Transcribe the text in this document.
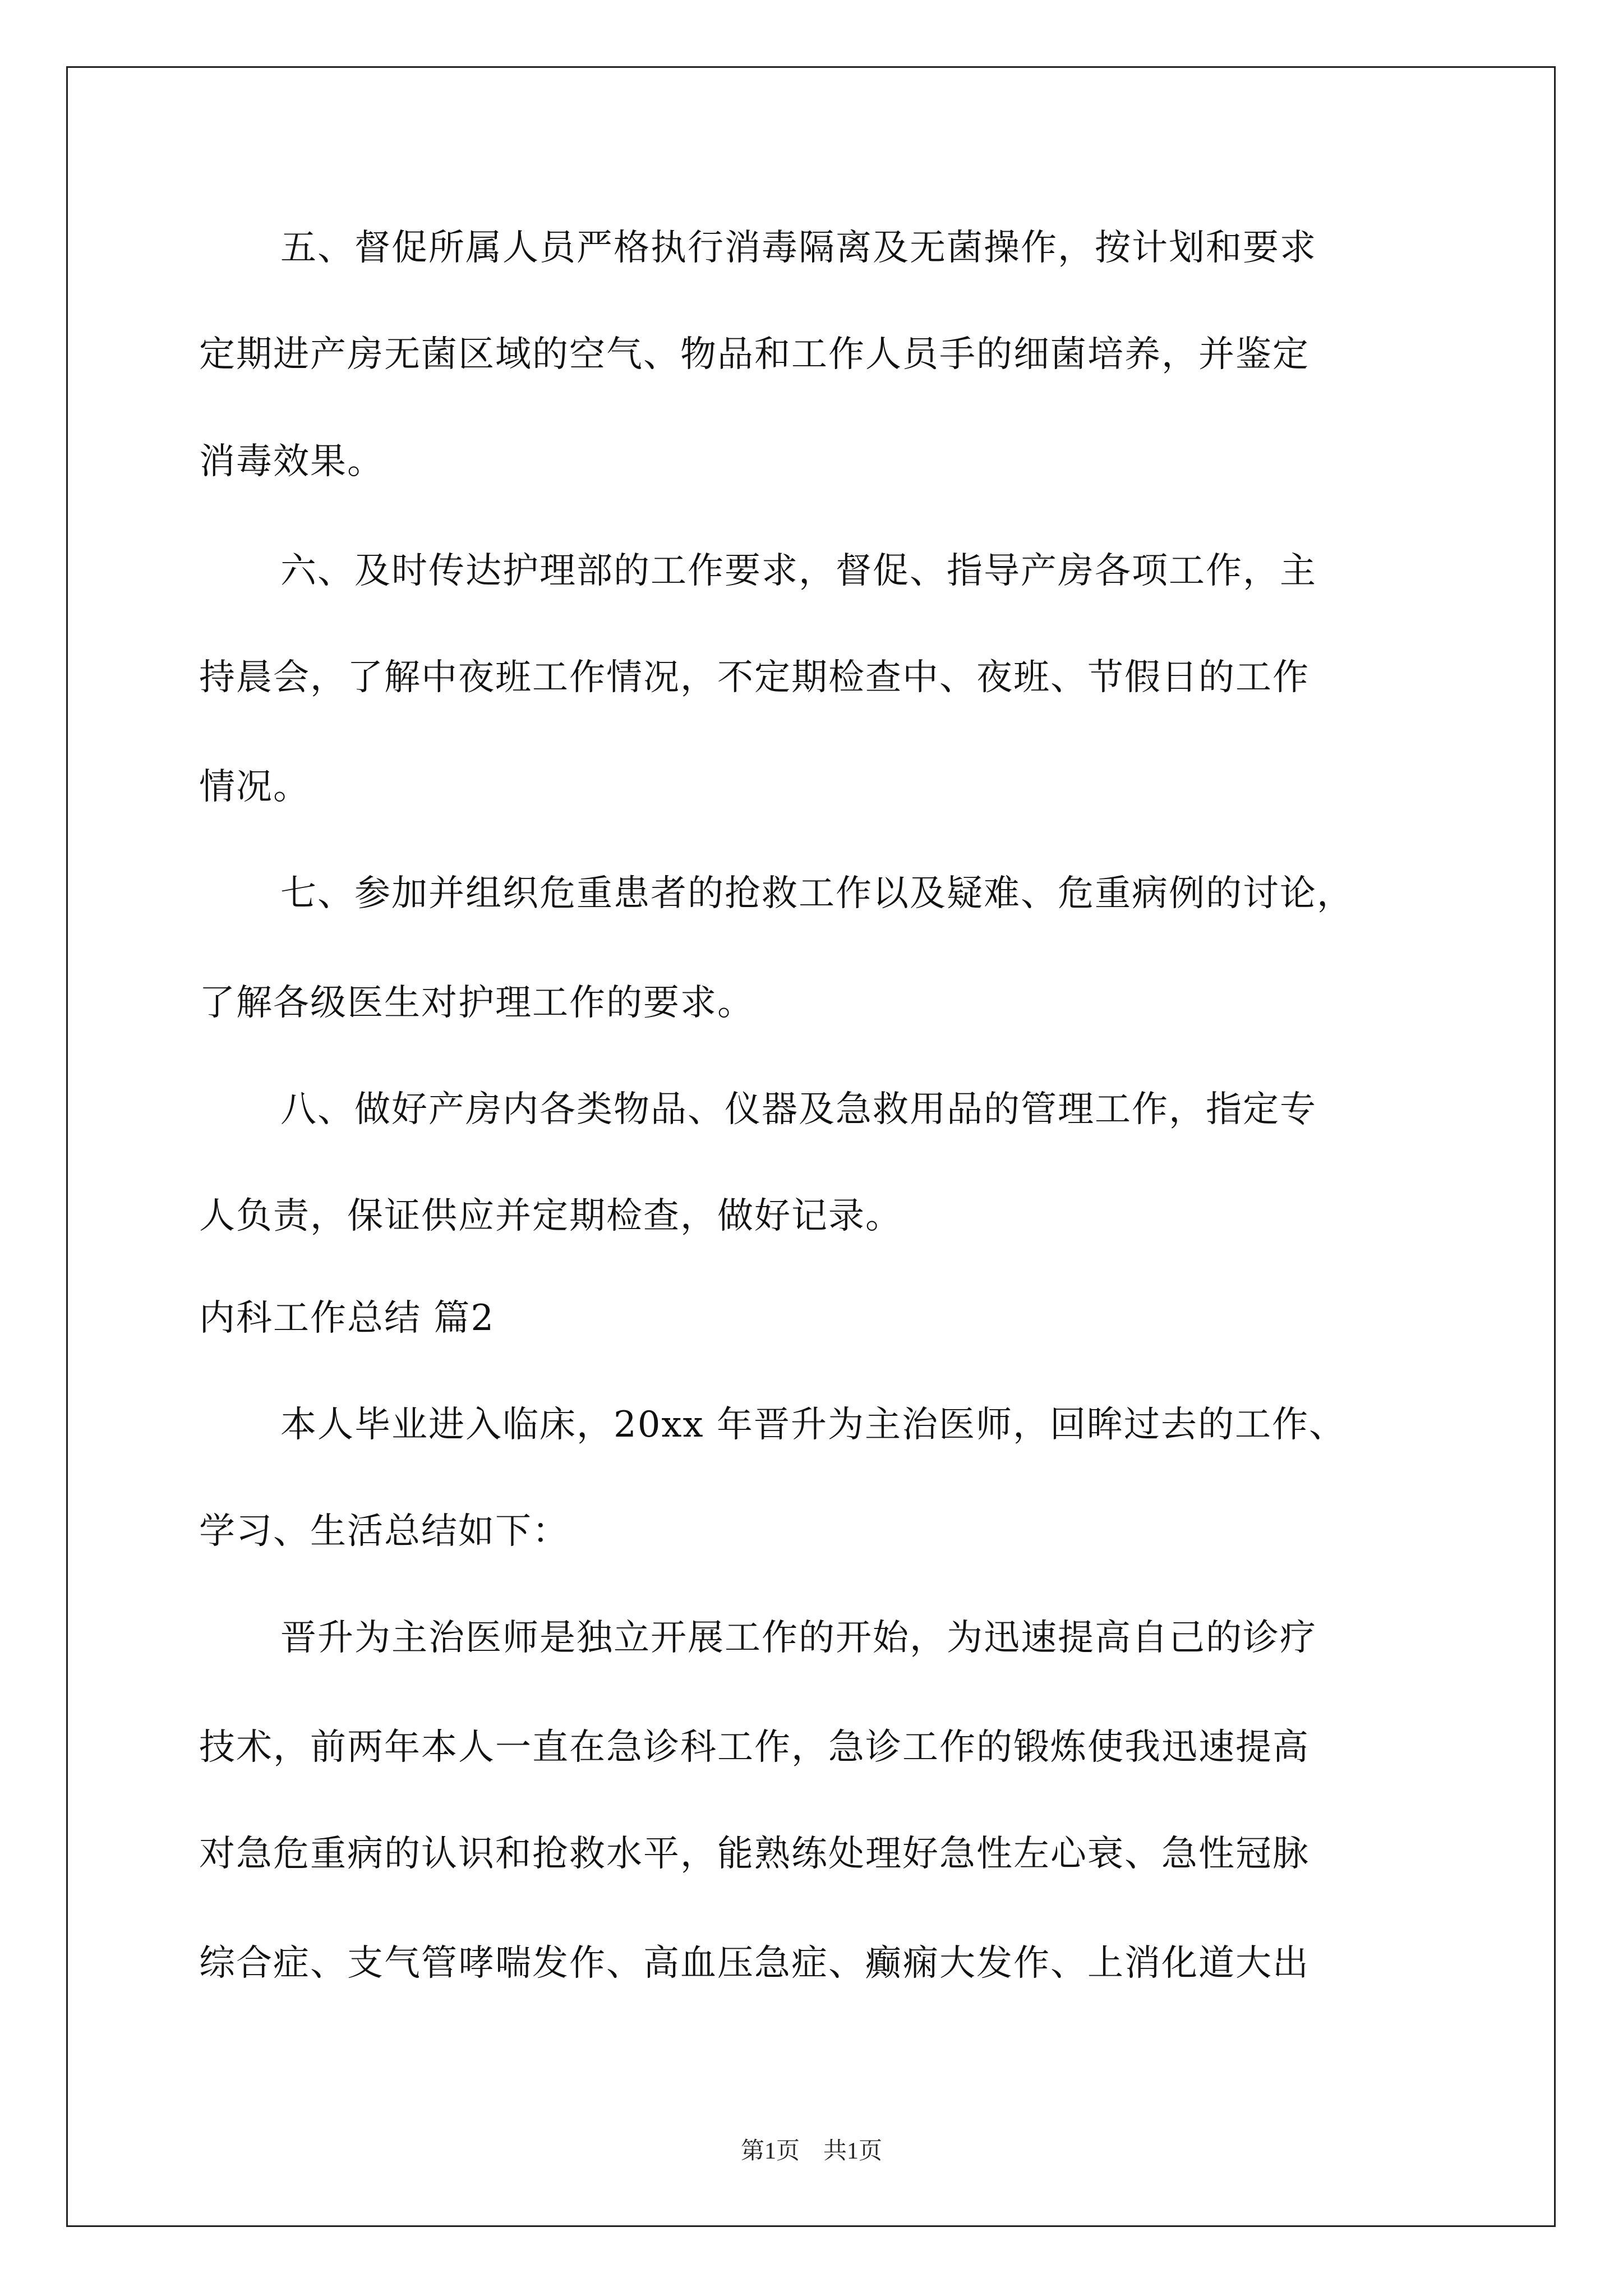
五、督促所属人员严格执行消毒隔离及无菌操作，按计划和要求
定期进产房无菌区域的空气、物品和工作人员手的细菌培养，并鉴定
消毒效果。
六、及时传达护理部的工作要求，督促、指导产房各项工作，主
持晨会，了解中夜班工作情况，不定期检查中、夜班、节假日的工作
情况。
七、参加并组织危重患者的抢救工作以及疑难、危重病例的讨论，
了解各级医生对护理工作的要求。
八、做好产房内各类物品、仪器及急救用品的管理工作，指定专
人负责，保证供应并定期检查，做好记录。
内科工作总结 篇2
本人毕业进入临床，20xx 年晋升为主治医师，回眸过去的工作、
学习、生活总结如下：
晋升为主治医师是独立开展工作的开始，为迅速提高自己的诊疗
技术，前两年本人一直在急诊科工作，急诊工作的锻炼使我迅速提高
对急危重病的认识和抢救水平，能熟练处理好急性左心衰、急性冠脉
综合症、支气管哮喘发作、高血压急症、癫痫大发作、上消化道大出
第1页　共1页
